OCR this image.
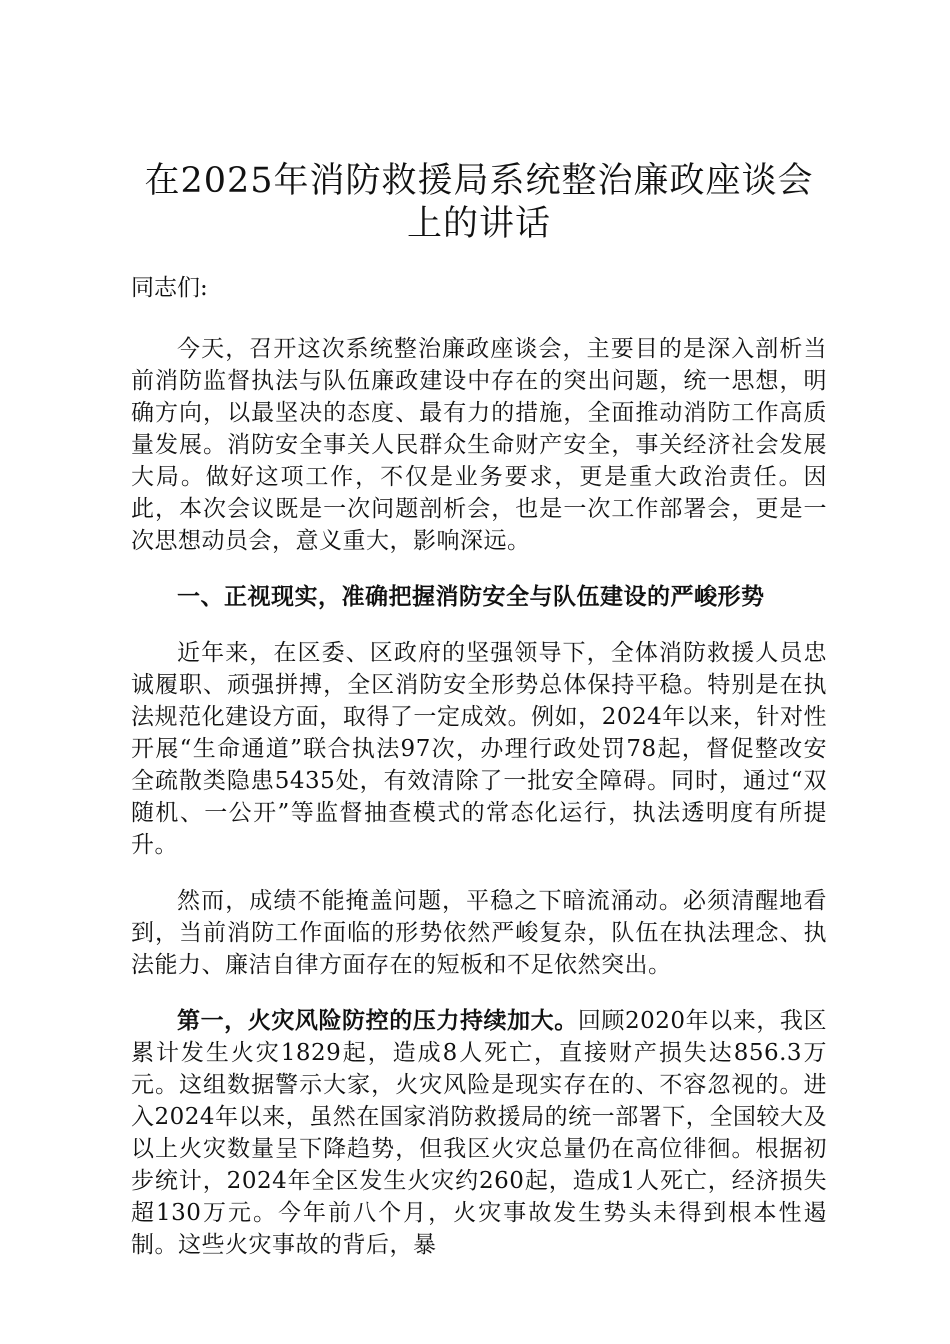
在2025年消防救援局系统整治廉政座谈会上的讲话

同志们:

今天，召开这次系统整治廉政座谈会，主要目的是深入剖析当前消防监督执法与队伍廉政建设中存在的突出问题，统一思想，明确方向，以最坚决的态度、最有力的措施，全面推动消防工作高质量发展。消防安全事关人民群众生命财产安全，事关经济社会发展大局。做好这项工作，不仅是业务要求，更是重大政治责任。因此，本次会议既是一次问题剖析会，也是一次工作部署会，更是一次思想动员会，意义重大，影响深远。

一、正视现实，准确把握消防安全与队伍建设的严峻形势

近年来，在区委、区政府的坚强领导下，全体消防救援人员忠诚履职、顽强拼搏，全区消防安全形势总体保持平稳。特别是在执法规范化建设方面，取得了一定成效。例如，2024年以来，针对性开展“生命通道”联合执法97次，办理行政处罚78起，督促整改安全疏散类隐患5435处，有效清除了一批安全障碍。同时，通过“双随机、一公开”等监督抽查模式的常态化运行，执法透明度有所提升。

然而，成绩不能掩盖问题，平稳之下暗流涌动。必须清醒地看到，当前消防工作面临的形势依然严峻复杂，队伍在执法理念、执法能力、廉洁自律方面存在的短板和不足依然突出。

第一，火灾风险防控的压力持续加大。回顾2020年以来，我区累计发生火灾1829起，造成8人死亡，直接财产损失达856.3万元。这组数据警示大家，火灾风险是现实存在的、不容忽视的。进入2024年以来，虽然在国家消防救援局的统一部署下，全国较大及以上火灾数量呈下降趋势，但我区火灾总量仍在高位徘徊。根据初步统计，2024年全区发生火灾约260起，造成1人死亡，经济损失超130万元。今年前八个月，火灾事故发生势头未得到根本性遏制。这些火灾事故的背后，暴
